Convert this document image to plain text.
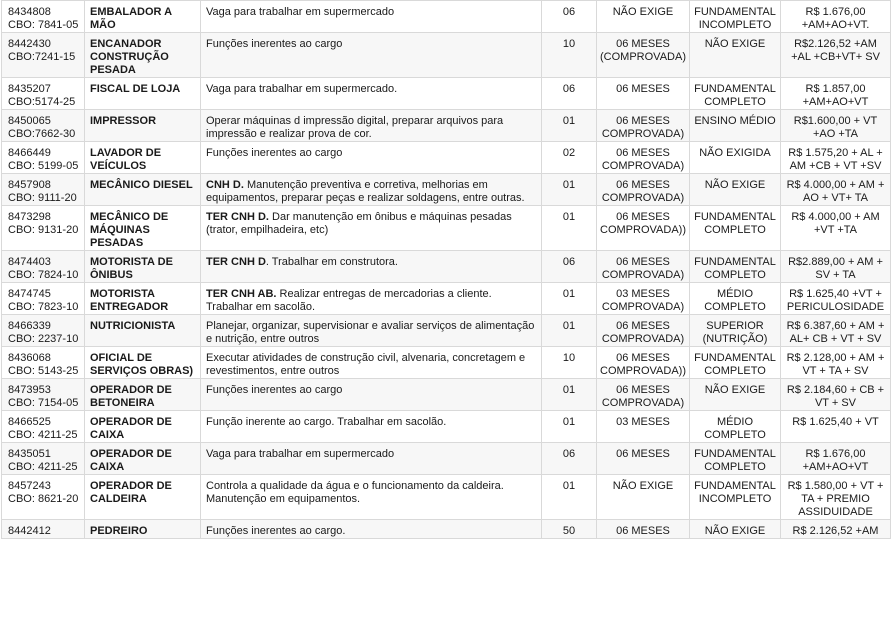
8434808
CBO: 7841-05	EMBALADOR A MÃO	Vaga para trabalhar em supermercado	06	NÃO EXIGE	FUNDAMENTAL INCOMPLETO	R$ 1.676,00 +AM+AO+VT.
8442430
CBO:7241-15	ENCANADOR CONSTRUÇÃO PESADA	Funções inerentes ao cargo	10	06 MESES (COMPROVADA)	NÃO EXIGE	R$2.126,52 +AM +AL +CB+VT+ SV
8435207
CBO:5174-25	FISCAL DE LOJA	Vaga para trabalhar em supermercado.	06	06 MESES	FUNDAMENTAL COMPLETO	R$ 1.857,00 +AM+AO+VT
8450065
CBO:7662-30	IMPRESSOR	Operar máquinas d impressão digital, preparar arquivos para impressão e realizar prova de cor.	01	06 MESES COMPROVADA)	ENSINO MÉDIO	R$1.600,00 + VT +AO +TA
8466449
CBO: 5199-05	LAVADOR DE VEÍCULOS	Funções inerentes ao cargo	02	06 MESES COMPROVADA)	NÃO EXIGIDA	R$ 1.575,20 + AL + AM +CB + VT +SV
8457908
CBO: 9111-20	MECÂNICO DIESEL	CNH D. Manutenção preventiva e corretiva, melhorias em equipamentos, preparar peças e realizar soldagens, entre outras.	01	06 MESES COMPROVADA)	NÃO EXIGE	R$ 4.000,00 + AM + AO + VT+ TA
8473298
CBO: 9131-20	MECÂNICO DE MÁQUINAS PESADAS	TER CNH D. Dar manutenção em ônibus e máquinas pesadas (trator, empilhadeira, etc)	01	06 MESES COMPROVADA))	FUNDAMENTAL COMPLETO	R$ 4.000,00 + AM +VT +TA
8474403
CBO: 7824-10	MOTORISTA DE ÔNIBUS	TER CNH D. Trabalhar em construtora.	06	06 MESES COMPROVADA)	FUNDAMENTAL COMPLETO	R$2.889,00 + AM + SV + TA
8474745
CBO: 7823-10	MOTORISTA ENTREGADOR	TER CNH AB. Realizar entregas de mercadorias a cliente. Trabalhar em sacolão.	01	03 MESES COMPROVADA)	MÉDIO COMPLETO	R$ 1.625,40 +VT + PERICULOSIDADE
8466339
CBO: 2237-10	NUTRICIONISTA	Planejar, organizar, supervisionar e avaliar serviços de alimentação e nutrição, entre outros	01	06 MESES COMPROVADA)	SUPERIOR (NUTRIÇÃO)	R$ 6.387,60 + AM + AL+ CB + VT + SV
8436068
CBO: 5143-25	OFICIAL DE SERVIÇOS OBRAS)	Executar atividades de construção civil, alvenaria, concretagem e revestimentos, entre outros	10	06 MESES COMPROVADA))	FUNDAMENTAL COMPLETO	R$ 2.128,00 + AM + VT + TA + SV
8473953
CBO: 7154-05	OPERADOR DE BETONEIRA	Funções inerentes ao cargo	01	06 MESES COMPROVADA)	NÃO EXIGE	R$ 2.184,60 + CB + VT + SV
8466525
CBO: 4211-25	OPERADOR DE CAIXA	Função inerente ao cargo. Trabalhar em sacolão.	01	03 MESES	MÉDIO COMPLETO	R$ 1.625,40 + VT
8435051
CBO: 4211-25	OPERADOR DE CAIXA	Vaga para trabalhar em supermercado	06	06 MESES	FUNDAMENTAL COMPLETO	R$ 1.676,00 +AM+AO+VT
8457243
CBO: 8621-20	OPERADOR DE CALDEIRA	Controla a qualidade da água e o funcionamento da caldeira. Manutenção em equipamentos.	01	NÃO EXIGE	FUNDAMENTAL INCOMPLETO	R$ 1.580,00 + VT + TA + PREMIO ASSIDUIDADE
8442412	PEDREIRO	Funções inerentes ao cargo.	50	06 MESES	NÃO EXIGE	R$ 2.126,52 +AM
